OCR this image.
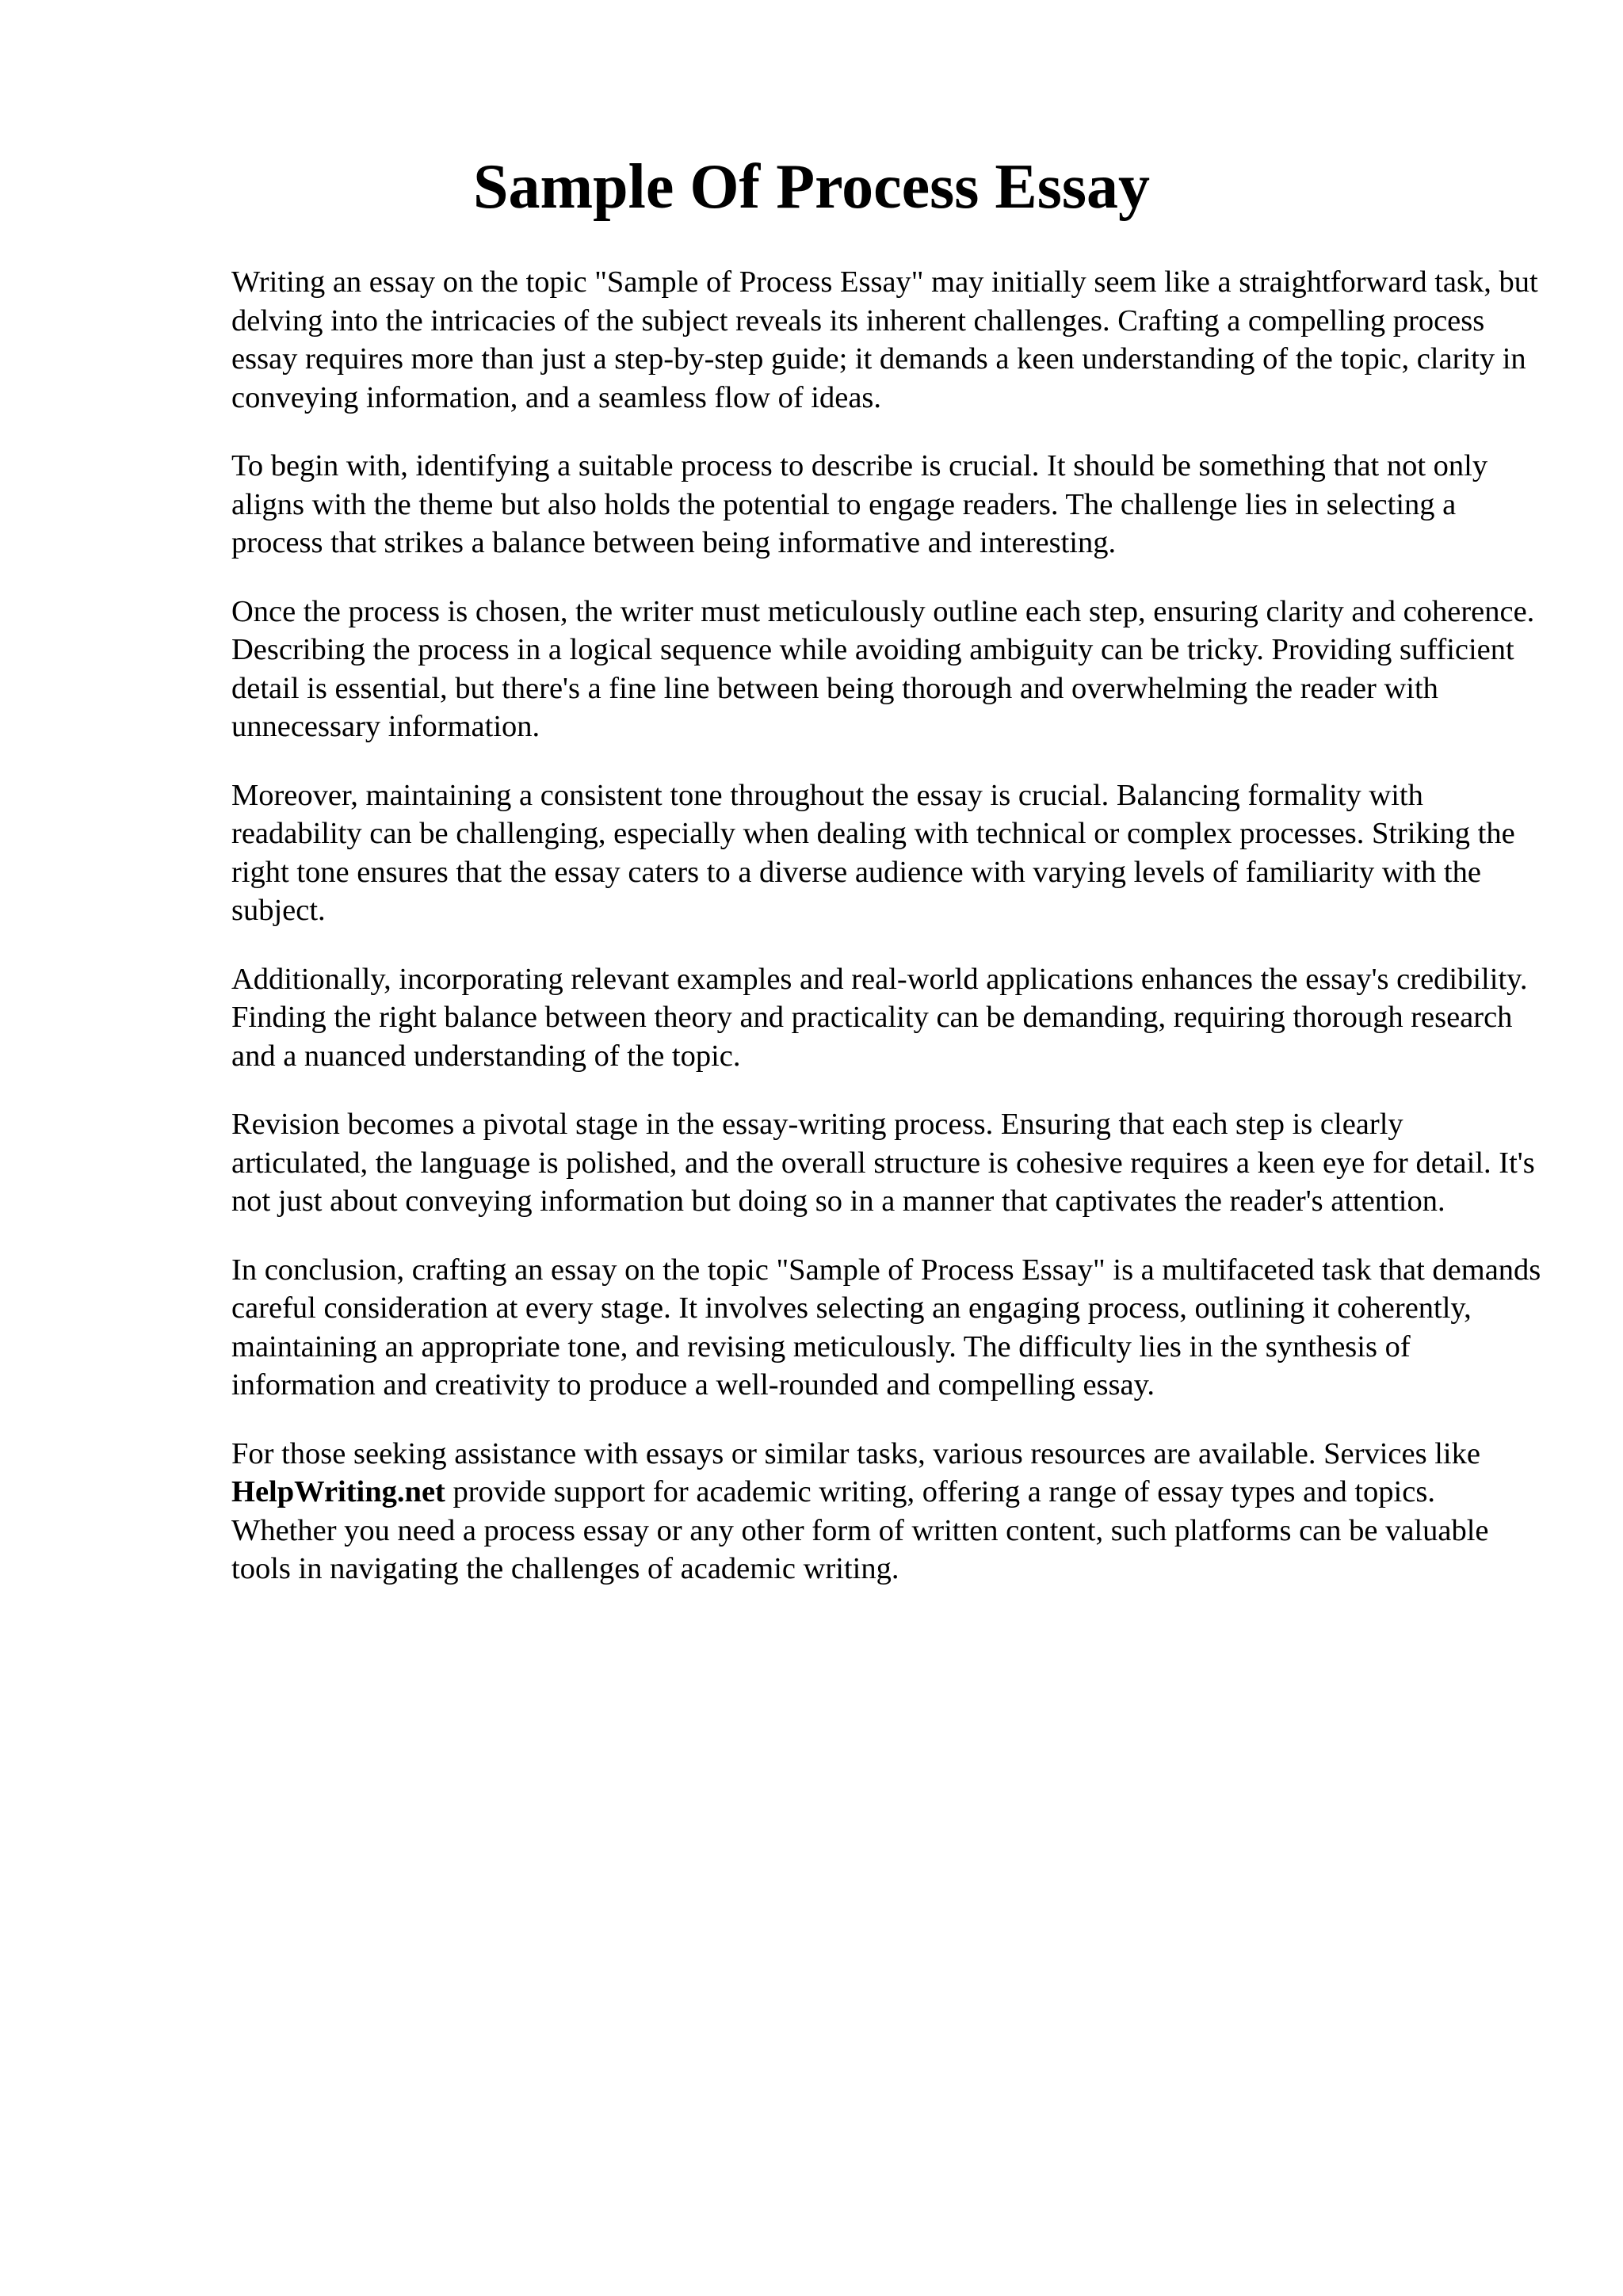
Sample Of Process Essay

Writing an essay on the topic "Sample of Process Essay" may initially seem like a straightforward task, but delving into the intricacies of the subject reveals its inherent challenges. Crafting a compelling process essay requires more than just a step-by-step guide; it demands a keen understanding of the topic, clarity in conveying information, and a seamless flow of ideas.

To begin with, identifying a suitable process to describe is crucial. It should be something that not only aligns with the theme but also holds the potential to engage readers. The challenge lies in selecting a process that strikes a balance between being informative and interesting.

Once the process is chosen, the writer must meticulously outline each step, ensuring clarity and coherence. Describing the process in a logical sequence while avoiding ambiguity can be tricky. Providing sufficient detail is essential, but there's a fine line between being thorough and overwhelming the reader with unnecessary information.

Moreover, maintaining a consistent tone throughout the essay is crucial. Balancing formality with readability can be challenging, especially when dealing with technical or complex processes. Striking the right tone ensures that the essay caters to a diverse audience with varying levels of familiarity with the subject.

Additionally, incorporating relevant examples and real-world applications enhances the essay's credibility. Finding the right balance between theory and practicality can be demanding, requiring thorough research and a nuanced understanding of the topic.

Revision becomes a pivotal stage in the essay-writing process. Ensuring that each step is clearly articulated, the language is polished, and the overall structure is cohesive requires a keen eye for detail. It's not just about conveying information but doing so in a manner that captivates the reader's attention.

In conclusion, crafting an essay on the topic "Sample of Process Essay" is a multifaceted task that demands careful consideration at every stage. It involves selecting an engaging process, outlining it coherently, maintaining an appropriate tone, and revising meticulously. The difficulty lies in the synthesis of information and creativity to produce a well-rounded and compelling essay.

For those seeking assistance with essays or similar tasks, various resources are available. Services like HelpWriting.net provide support for academic writing, offering a range of essay types and topics. Whether you need a process essay or any other form of written content, such platforms can be valuable tools in navigating the challenges of academic writing.
